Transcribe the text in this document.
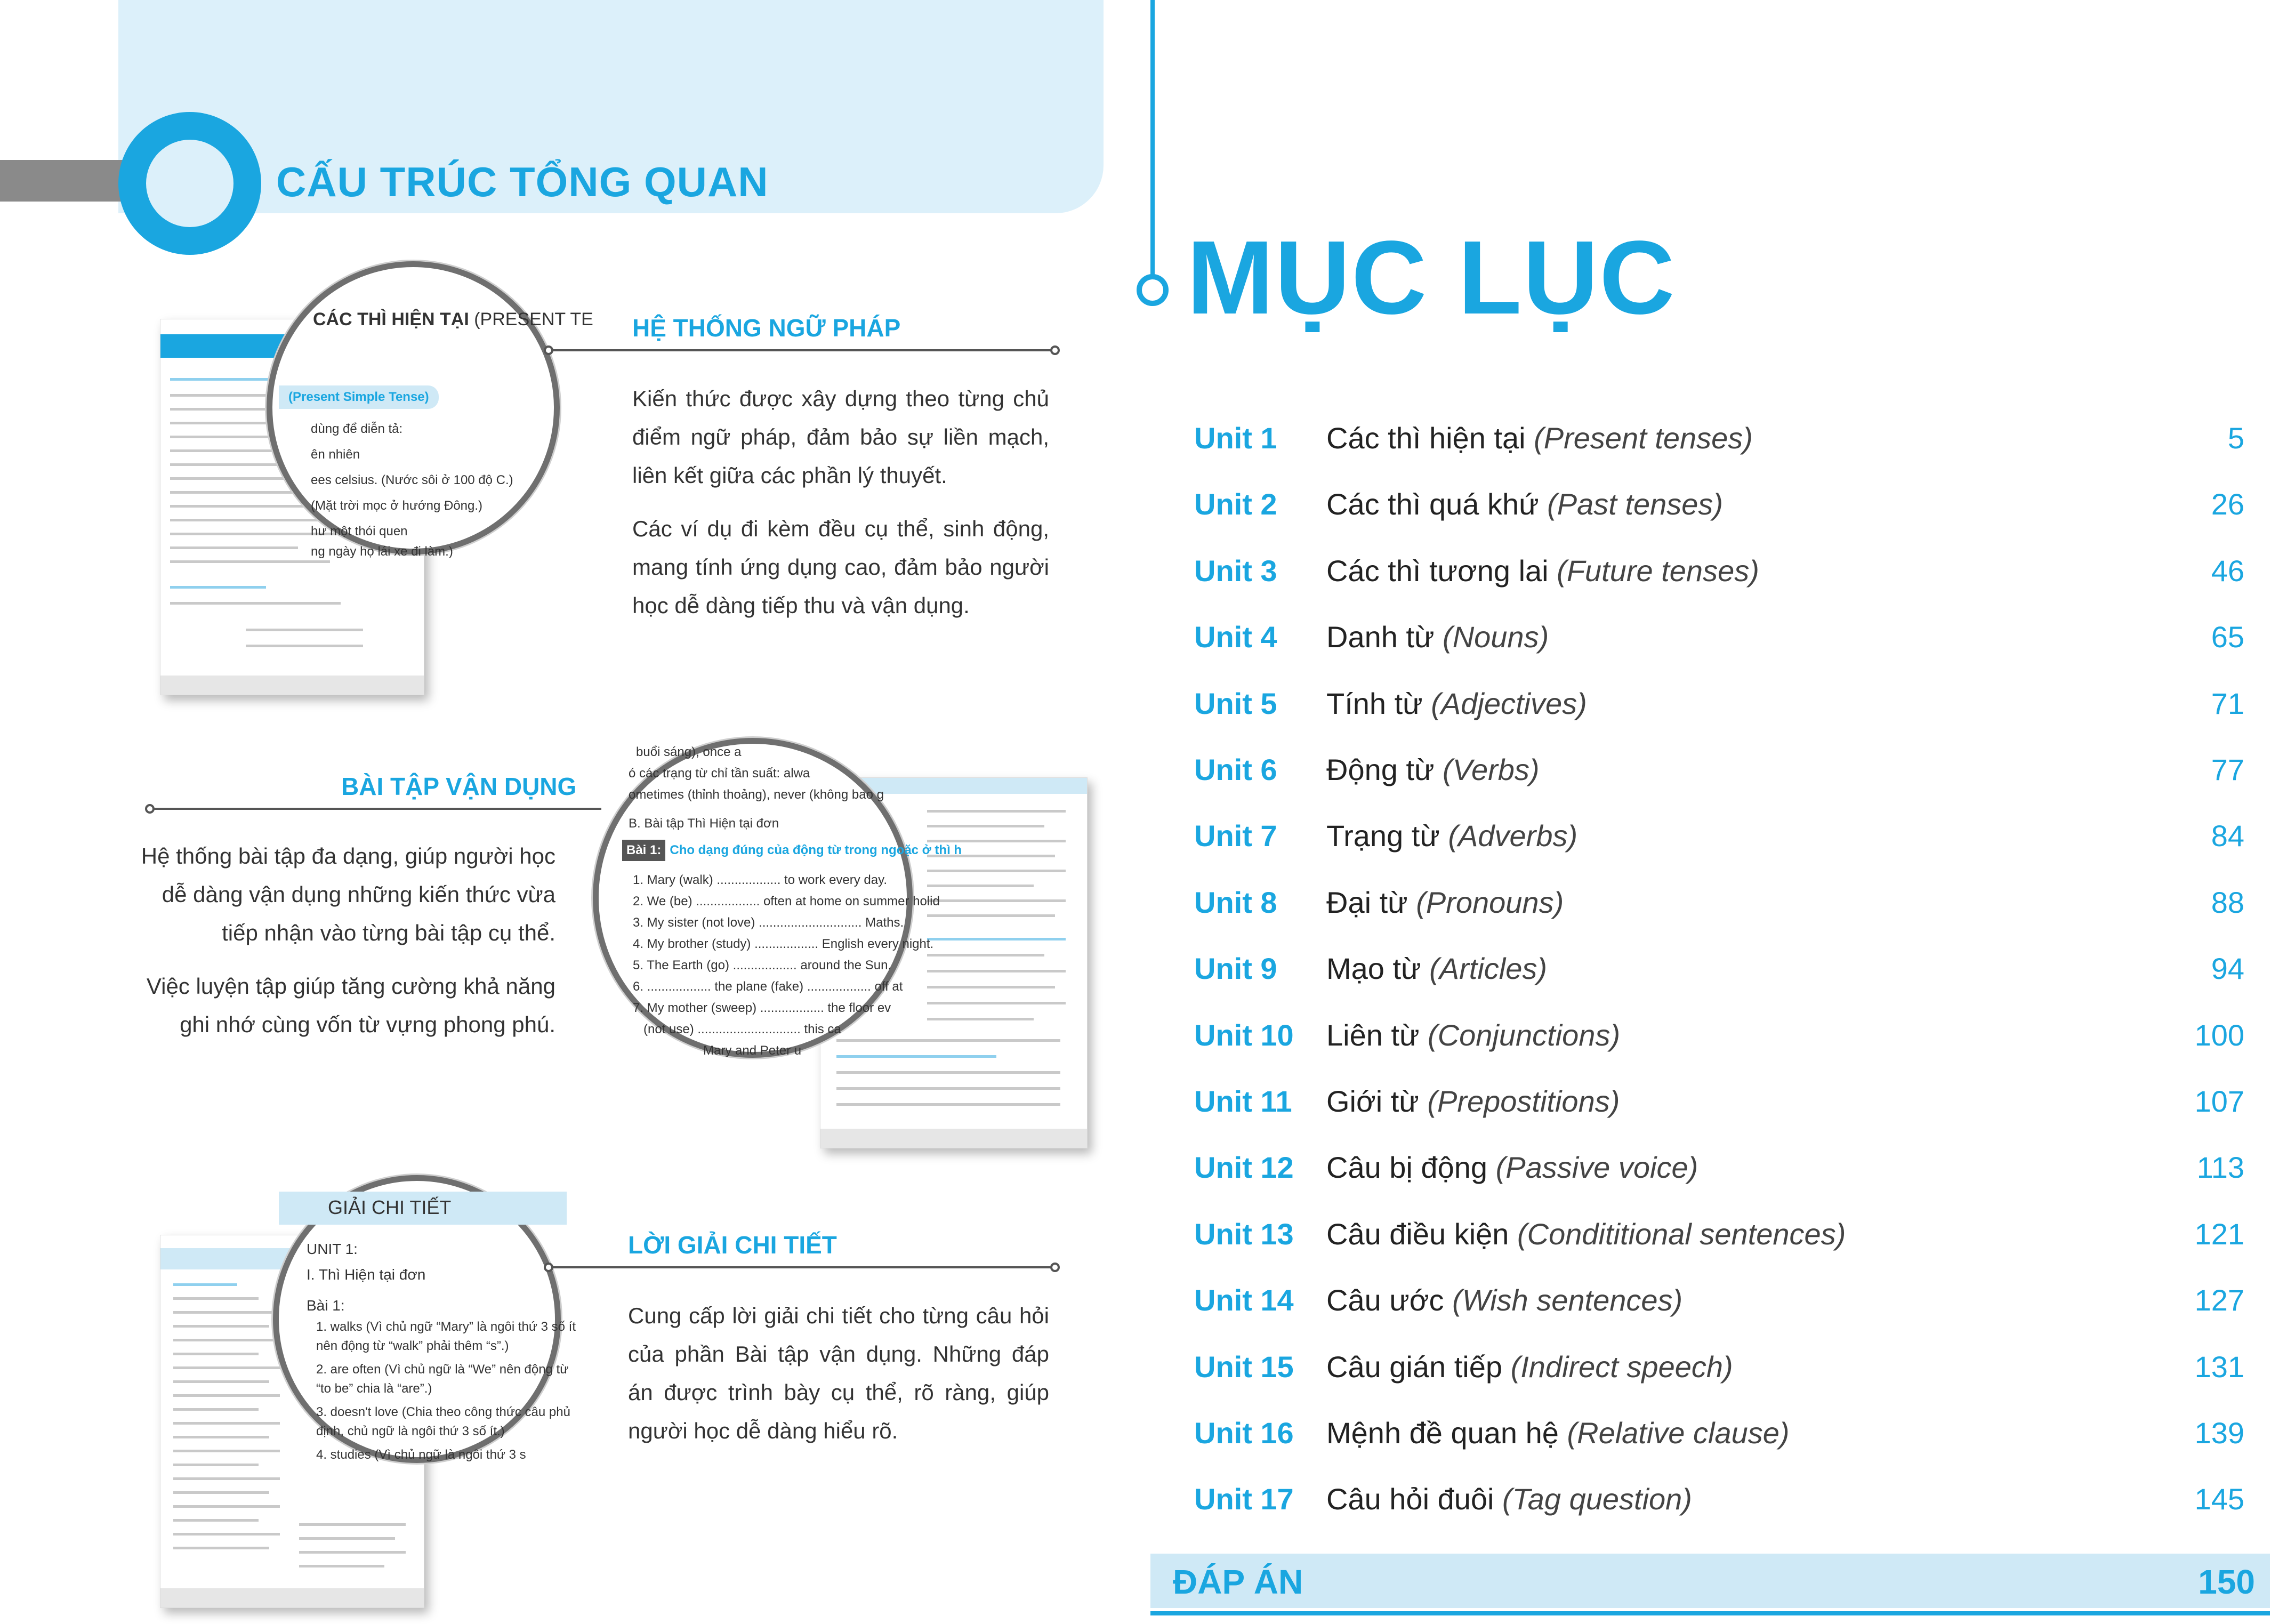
CẤU TRÚC TỔNG QUAN
CÁC THÌ HIỆN TẠI (PRESENT TE
(Present Simple Tense)
dùng để diễn tả:
ên nhiên
ees celsius. (Nước sôi ở 100 độ C.)
(Mặt trời mọc ở hướng Đông.)
hư một thói quen
ng ngày họ lái xe đi làm.)
HỆ THỐNG NGỮ PHÁP

Kiến thức được xây dựng theo từng chủ điểm ngữ pháp, đảm bảo sự liền mạch, liên kết giữa các phần lý thuyết.

Các ví dụ đi kèm đều cụ thể, sinh động, mang tính ứng dụng cao, đảm bảo người học dễ dàng tiếp thu và vận dụng.

buổi sáng), once a
ó các trạng từ chỉ tần suất: alwa
ometimes (thỉnh thoảng), never (không bao g
B. Bài tập Thì Hiện tại đơn
Bài 1: Cho dạng đúng của động từ trong ngoặc ở thì h
1. Mary (walk) .................. to work every day.
2. We (be) .................. often at home on summer holid
3. My sister (not love) ............................. Maths.
4. My brother (study) .................. English every night.
5. The Earth (go) .................. around the Sun.
6. .................. the plane (fake) .................. off at
7. My mother (sweep) .................. the floor ev
(not use) ............................. this ca
Mary and Peter u
BÀI TẬP VẬN DỤNG

Hệ thống bài tập đa dạng, giúp người học dễ dàng vận dụng những kiến thức vừa tiếp nhận vào từng bài tập cụ thể.

Việc luyện tập giúp tăng cường khả năng ghi nhớ cùng vốn từ vựng phong phú.

GIẢI CHI TIẾT
UNIT 1:
I. Thì Hiện tại đơn
Bài 1:
1. walks (Vì chủ ngữ “Mary” là ngôi thứ 3 số ít
nên động từ “walk” phải thêm “s”.)
2. are often (Vì chủ ngữ là “We” nên động từ
“to be” chia là “are”.)
3. doesn't love (Chia theo công thức câu phủ
định, chủ ngữ là ngôi thứ 3 số ít.)
4. studies (Vì chủ ngữ là ngôi thứ 3 s
LỜI GIẢI CHI TIẾT

Cung cấp lời giải chi tiết cho từng câu hỏi của phần Bài tập vận dụng. Những đáp án được trình bày cụ thể, rõ ràng, giúp người học dễ dàng hiểu rõ.

MỤC LỤC
Unit 1 Các thì hiện tại (Present tenses)	5
Unit 2 Các thì quá khứ (Past tenses)	26
Unit 3 Các thì tương lai (Future tenses)	46
Unit 4 Danh từ (Nouns)	65
Unit 5 Tính từ (Adjectives)	71
Unit 6 Động từ (Verbs)	77
Unit 7 Trạng từ (Adverbs)	84
Unit 8 Đại từ (Pronouns)	88
Unit 9 Mạo từ (Articles)	94
Unit 10 Liên từ (Conjunctions)	100
Unit 11 Giới từ (Prepostitions)	107
Unit 12 Câu bị động (Passive voice)	113
Unit 13 Câu điều kiện (Condititional sentences)	121
Unit 14 Câu ước (Wish sentences)	127
Unit 15 Câu gián tiếp (Indirect speech)	131
Unit 16 Mệnh đề quan hệ (Relative clause)	139
Unit 17 Câu hỏi đuôi (Tag question)	145
ĐÁP ÁN	150
